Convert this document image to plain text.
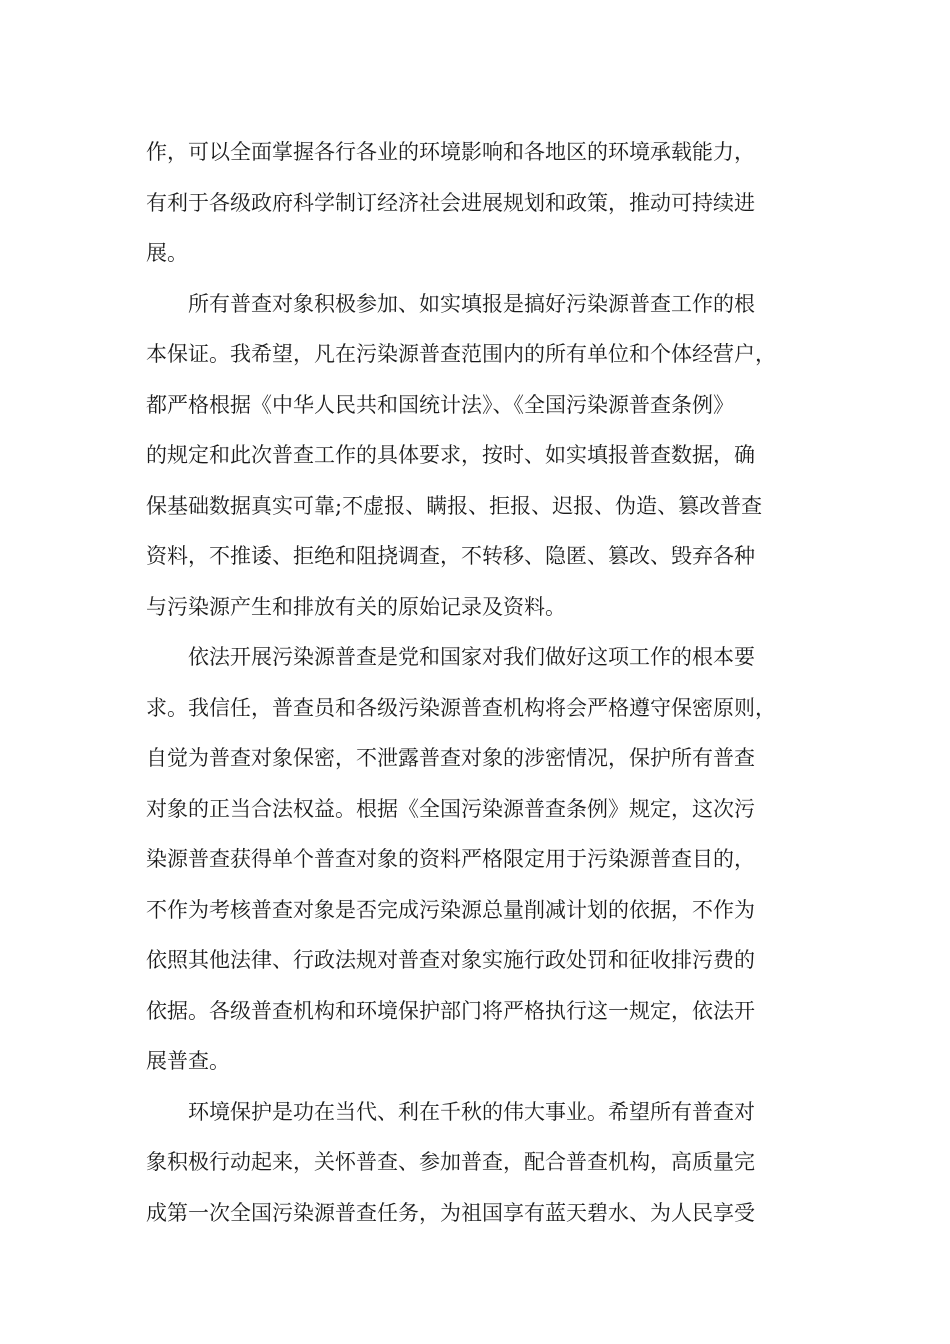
作，可以全面掌握各行各业的环境影响和各地区的环境承载能力，
有利于各级政府科学制订经济社会进展规划和政策，推动可持续进
展。
所有普查对象积极参加、如实填报是搞好污染源普查工作的根
本保证。我希望，凡在污染源普查范围内的所有单位和个体经营户，
都严格根据《中华人民共和国统计法》、《全国污染源普查条例》
的规定和此次普查工作的具体要求，按时、如实填报普查数据，确
保基础数据真实可靠;不虚报、瞒报、拒报、迟报、伪造、篡改普查
资料，不推诿、拒绝和阻挠调查，不转移、隐匿、篡改、毁弃各种
与污染源产生和排放有关的原始记录及资料。
依法开展污染源普查是党和国家对我们做好这项工作的根本要
求。我信任，普查员和各级污染源普查机构将会严格遵守保密原则，
自觉为普查对象保密，不泄露普查对象的涉密情况，保护所有普查
对象的正当合法权益。根据《全国污染源普查条例》规定，这次污
染源普查获得单个普查对象的资料严格限定用于污染源普查目的，
不作为考核普查对象是否完成污染源总量削减计划的依据，不作为
依照其他法律、行政法规对普查对象实施行政处罚和征收排污费的
依据。各级普查机构和环境保护部门将严格执行这一规定，依法开
展普查。
环境保护是功在当代、利在千秋的伟大事业。希望所有普查对
象积极行动起来，关怀普查、参加普查，配合普查机构，高质量完
成第一次全国污染源普查任务，为祖国享有蓝天碧水、为人民享受
